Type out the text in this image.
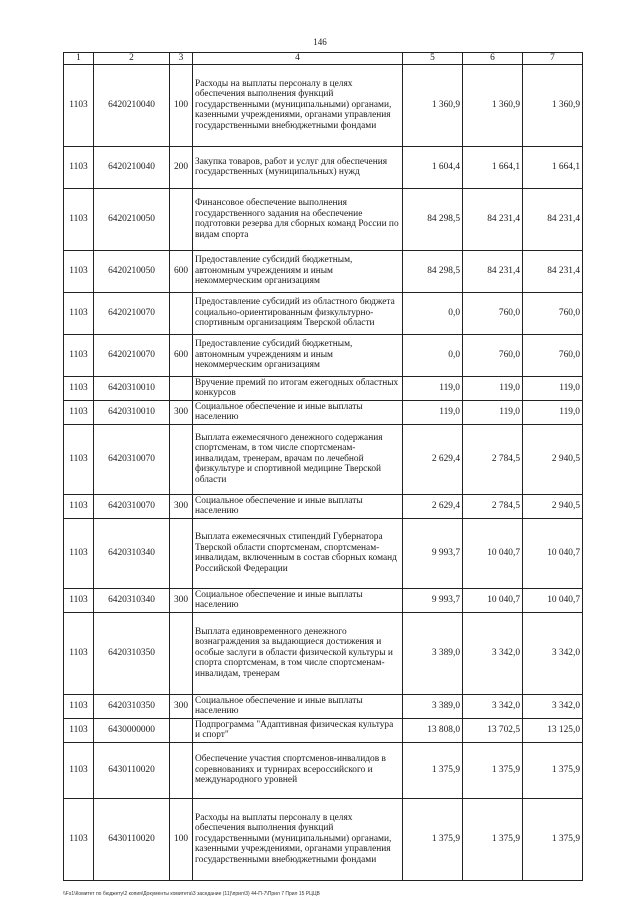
146
1	2	3	4	5	6	7
1103	6420210040	100	Расходы на выплаты персоналу в целях обеспечения выполнения функций государственными (муниципальными) органами, казенными учреждениями, органами управления государственными внебюджетными фондами	1 360,9	1 360,9	1 360,9
1103	6420210040	200	Закупка товаров, работ и услуг для обеспечения государственных (муниципальных) нужд	1 604,4	1 664,1	1 664,1
1103	6420210050		Финансовое обеспечение выполнения государственного задания на обеспечение подготовки резерва для сборных команд России по видам спорта	84 298,5	84 231,4	84 231,4
1103	6420210050	600	Предоставление субсидий бюджетным, автономным учреждениям и иным некоммерческим организациям	84 298,5	84 231,4	84 231,4
1103	6420210070		Предоставление субсидий из областного бюджета социально-ориентированным физкультурно-спортивным организациям Тверской области	0,0	760,0	760,0
1103	6420210070	600	Предоставление субсидий бюджетным, автономным учреждениям и иным некоммерческим организациям	0,0	760,0	760,0
1103	6420310010		Вручение премий по итогам ежегодных областных конкурсов	119,0	119,0	119,0
1103	6420310010	300	Социальное обеспечение и иные выплаты населению	119,0	119,0	119,0
1103	6420310070		Выплата ежемесячного денежного содержания спортсменам, в том числе спортсменам-инвалидам, тренерам, врачам по лечебной физкультуре и спортивной медицине Тверской области	2 629,4	2 784,5	2 940,5
1103	6420310070	300	Социальное обеспечение и иные выплаты населению	2 629,4	2 784,5	2 940,5
1103	6420310340		Выплата ежемесячных стипендий Губернатора Тверской области спортсменам, спортсменам-инвалидам, включенным в состав сборных команд Российской Федерации	9 993,7	10 040,7	10 040,7
1103	6420310340	300	Социальное обеспечение и иные выплаты населению	9 993,7	10 040,7	10 040,7
1103	6420310350		Выплата единовременного денежного вознаграждения за выдающиеся достижения и особые заслуги в области физической культуры и спорта спортсменам, в том числе спортсменам-инвалидам, тренерам	3 389,0	3 342,0	3 342,0
1103	6420310350	300	Социальное обеспечение и иные выплаты населению	3 389,0	3 342,0	3 342,0
1103	6430000000		Подпрограмма "Адаптивная физическая культура и спорт"	13 808,0	13 702,5	13 125,0
1103	6430110020		Обеспечение участия спортсменов-инвалидов в соревнованиях и турнирах всероссийского и международного уровней	1 375,9	1 375,9	1 375,9
1103	6430110020	100	Расходы на выплаты персоналу в целях обеспечения выполнения функций государственными (муниципальными) органами, казенными учреждениями, органами управления государственными внебюджетными фондами	1 375,9	1 375,9	1 375,9
\\Fs1\Комитет по бюджету\2 копия\Документы комитета\3 заседание (11)\прил\3) 44-П-7\Прил 7 Прил 15 РЦЦВ
